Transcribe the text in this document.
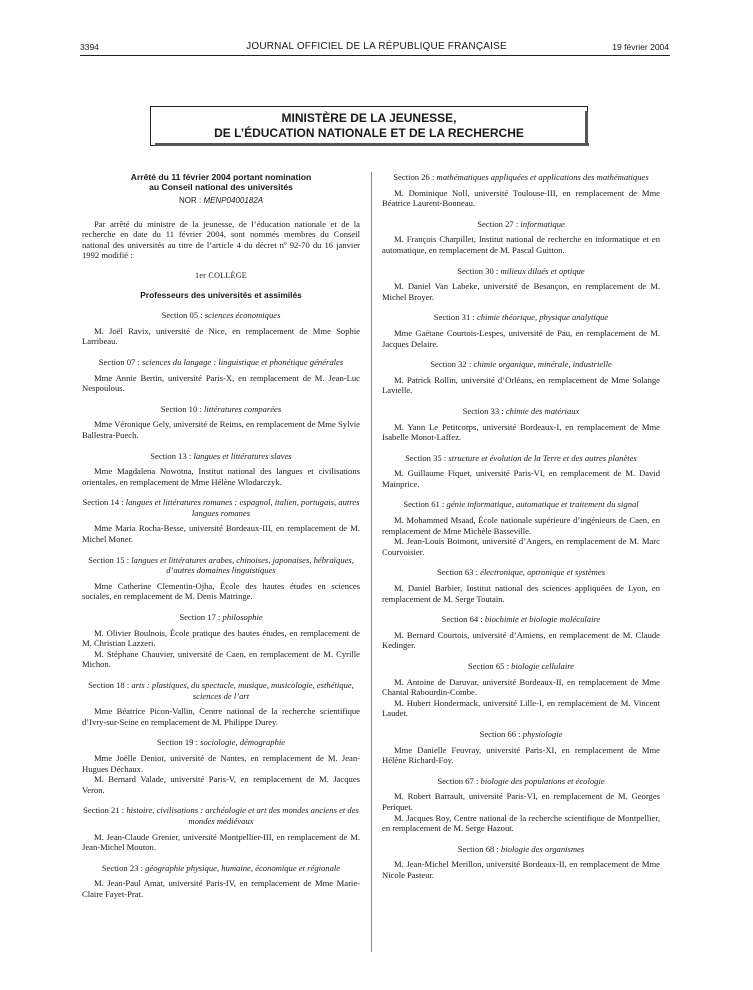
3394	JOURNAL OFFICIEL DE LA RÉPUBLIQUE FRANÇAISE	19 février 2004
MINISTÈRE DE LA JEUNESSE,
DE L’ÉDUCATION NATIONALE ET DE LA RECHERCHE
Arrêté du 11 février 2004 portant nomination
au Conseil national des universités
NOR : MENP0400182A

Par arrêté du ministre de la jeunesse, de l’éducation nationale et de la recherche en date du 11 février 2004, sont nommés membres du Conseil national des universités au titre de l’article 4 du décret nº 92-70 du 16 janvier 1992 modifié :

1er COLLÈGE
Professeurs des universités et assimilés
Section 05 : sciences économiques

M. Joël Ravix, université de Nice, en remplacement de Mme Sophie Larribeau.

Section 07 : sciences du langage : linguistique et phonétique générales

Mme Annie Bertin, université Paris-X, en remplacement de M. Jean-Luc Nespoulous.

Section 10 : littératures comparées

Mme Véronique Gely, université de Reims, en remplacement de Mme Sylvie Ballestra-Puech.

Section 13 : langues et littératures slaves

Mme Magdalena Nowotna, Institut national des langues et civilisations orientales, en remplacement de Mme Hélène Wlodarczyk.

Section 14 : langues et littératures romanes : espagnol, italien, portugais, autres langues romanes

Mme Maria Rocha-Besse, université Bordeaux-III, en remplacement de M. Michel Moner.

Section 15 : langues et littératures arabes, chinoises, japonaises, hébraïques, d’autres domaines linguistiques

Mme Catherine Clementin-Ojha, École des hautes études en sciences sociales, en remplacement de M. Denis Matringe.

Section 17 : philosophie

M. Olivier Boulnois, École pratique des hautes études, en remplacement de M. Christian Lazzeri.

M. Stéphane Chauvier, université de Caen, en remplacement de M. Cyrille Michon.

Section 18 : arts : plastiques, du spectacle, musique, musicologie, esthétique, sciences de l’art

Mme Béatrice Picon-Vallin, Centre national de la recherche scientifique d’Ivry-sur-Seine en remplacement de M. Philippe Durey.

Section 19 : sociologie, démographie

Mme Joëlle Deniot, université de Nantes, en remplacement de M. Jean-Hugues Déchaux.

M. Bernard Valade, université Paris-V, en remplacement de M. Jacques Veron.

Section 21 : histoire, civilisations : archéologie et art des mondes anciens et des mondes médiévaux

M. Jean-Claude Grenier, université Montpellier-III, en remplacement de M. Jean-Michel Mouton.

Section 23 : géographie physique, humaine, économique et régionale

M. Jean-Paul Amat, université Paris-IV, en remplacement de Mme Marie-Claire Fayet-Prat.

Section 26 : mathématiques appliquées et applications des mathématiques

M. Dominique Noll, université Toulouse-III, en remplacement de Mme Béatrice Laurent-Bonneau.

Section 27 : informatique

M. François Charpillet, Institut national de recherche en informatique et en automatique, en remplacement de M. Pascal Guitton.

Section 30 : milieux dilués et optique

M. Daniel Van Labeke, université de Besançon, en remplacement de M. Michel Broyer.

Section 31 : chimie théorique, physique analytique

Mme Gaëtane Courtois-Lespes, université de Pau, en remplacement de M. Jacques Delaire.

Section 32 : chimie organique, minérale, industrielle

M. Patrick Rollin, université d’Orléans, en remplacement de Mme Solange Lavielle.

Section 33 : chimie des matériaux

M. Yann Le Petitcorps, université Bordeaux-I, en remplacement de Mme Isabelle Monot-Laffez.

Section 35 : structure et évolution de la Terre et des autres planètes

M. Guillaume Fiquet, université Paris-VI, en remplacement de M. David Mainprice.

Section 61 : génie informatique, automatique et traitement du signal

M. Mohammed Msaad, École nationale supérieure d’ingénieurs de Caen, en remplacement de Mme Michèle Basseville.

M. Jean-Louis Boimont, université d’Angers, en remplacement de M. Marc Courvoisier.

Section 63 : électronique, optronique et systèmes

M. Daniel Barbier, Institut national des sciences appliquées de Lyon, en remplacement de M. Serge Toutain.

Section 64 : biochimie et biologie moléculaire

M. Bernard Courtois, université d’Amiens, en remplacement de M. Claude Kedinger.

Section 65 : biologie cellulaire

M. Antoine de Daruvar, université Bordeaux-II, en remplacement de Mme Chantal Rabourdin-Combe.

M. Hubert Hondermack, université Lille-I, en remplacement de M. Vincent Laudet.

Section 66 : physiologie

Mme Danielle Feuvray, université Paris-XI, en remplacement de Mme Hélène Richard-Foy.

Section 67 : biologie des populations et écologie

M. Robert Barrault, université Paris-VI, en remplacement de M. Georges Periquet.

M. Jacques Roy, Centre national de la recherche scientifique de Montpellier, en remplacement de M. Serge Hazout.

Section 68 : biologie des organismes

M. Jean-Michel Merillon, université Bordeaux-II, en remplacement de Mme Nicole Pasteur.
